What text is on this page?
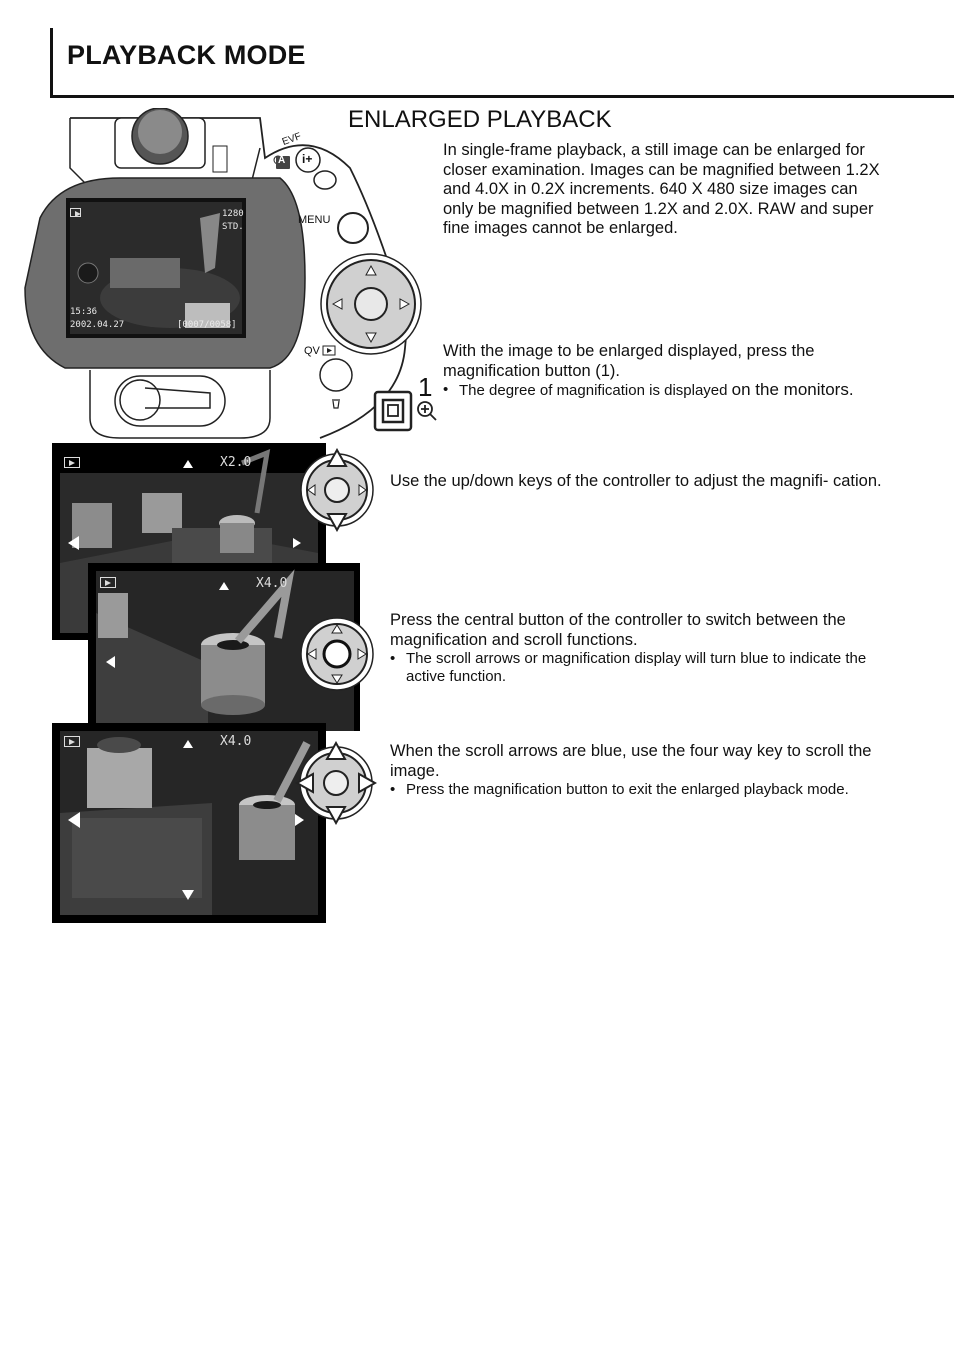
PLAYBACK MODE
ENLARGED PLAYBACK
EVF
A i+
MENU
QV
1280
STD.
15:36
2002.04.27	[0007/0058]
In single-frame playback, a still image can be enlarged for closer examination. Images can be magnified between 1.2X and 4.0X in 0.2X increments. 640 X 480 size images can only be magnified between 1.2X and 2.0X. RAW and super fine images cannot be enlarged.
1
With the image to be enlarged displayed, press the magnification button (1).
• The degree of magnification is displayed on the monitors.
X2.0
Use the up/down keys of the controller to adjust the magnifi- cation.
X4.0
Press the central button of the controller to switch between the magnification and scroll functions.
• The scroll arrows or magnification display will turn blue to indicate the active function.
X4.0
When the scroll arrows are blue, use the four way key to scroll the image.
• Press the magnification button to exit the enlarged playback mode.
